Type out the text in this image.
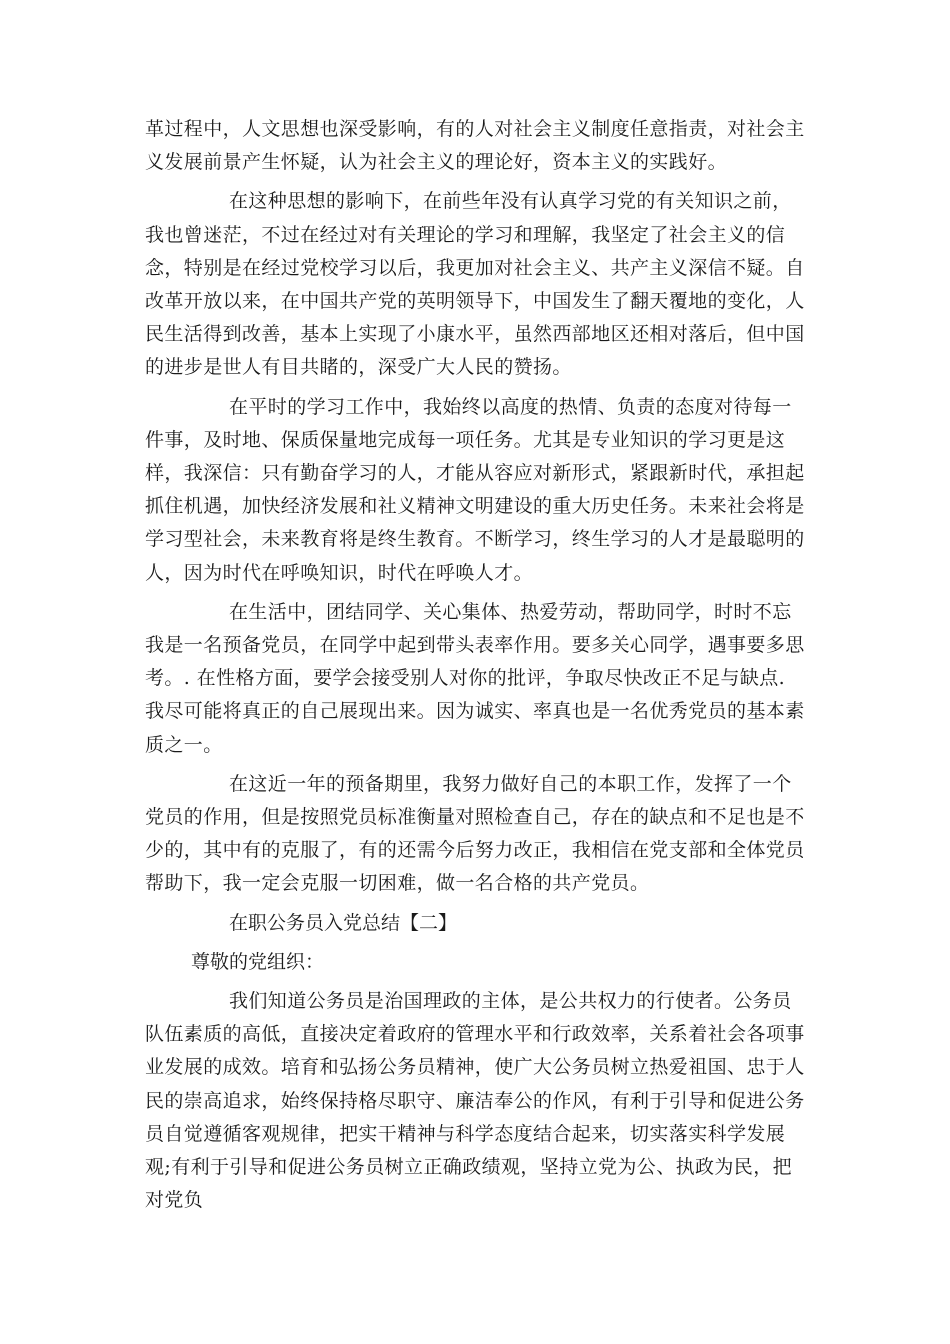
革过程中，人文思想也深受影响，有的人对社会主义制度任意指责，对社会主义发展前景产生怀疑，认为社会主义的理论好，资本主义的实践好。

在这种思想的影响下，在前些年没有认真学习党的有关知识之前，我也曾迷茫，不过在经过对有关理论的学习和理解，我坚定了社会主义的信念，特别是在经过党校学习以后，我更加对社会主义、共产主义深信不疑。自改革开放以来，在中国共产党的英明领导下，中国发生了翻天覆地的变化，人民生活得到改善，基本上实现了小康水平，虽然西部地区还相对落后，但中国的进步是世人有目共睹的，深受广大人民的赞扬。

在平时的学习工作中，我始终以高度的热情、负责的态度对待每一件事，及时地、保质保量地完成每一项任务。尤其是专业知识的学习更是这样，我深信：只有勤奋学习的人，才能从容应对新形式，紧跟新时代，承担起抓住机遇，加快经济发展和社义精神文明建设的重大历史任务。未来社会将是学习型社会，未来教育将是终生教育。不断学习，终生学习的人才是最聪明的人，因为时代在呼唤知识，时代在呼唤人才。

在生活中，团结同学、关心集体、热爱劳动，帮助同学，时时不忘我是一名预备党员，在同学中起到带头表率作用。要多关心同学，遇事要多思考。. 在性格方面，要学会接受别人对你的批评，争取尽快改正不足与缺点. 我尽可能将真正的自己展现出来。因为诚实、率真也是一名优秀党员的基本素质之一。

在这近一年的预备期里，我努力做好自己的本职工作，发挥了一个党员的作用，但是按照党员标准衡量对照检查自己，存在的缺点和不足也是不少的，其中有的克服了，有的还需今后努力改正，我相信在党支部和全体党员帮助下，我一定会克服一切困难，做一名合格的共产党员。

在职公务员入党总结【二】

尊敬的党组织：

我们知道公务员是治国理政的主体，是公共权力的行使者。公务员队伍素质的高低，直接决定着政府的管理水平和行政效率，关系着社会各项事业发展的成效。培育和弘扬公务员精神，使广大公务员树立热爱祖国、忠于人民的崇高追求，始终保持格尽职守、廉洁奉公的作风，有利于引导和促进公务员自觉遵循客观规律，把实干精神与科学态度结合起来，切实落实科学发展观;有利于引导和促进公务员树立正确政绩观，坚持立党为公、执政为民，把对党负
